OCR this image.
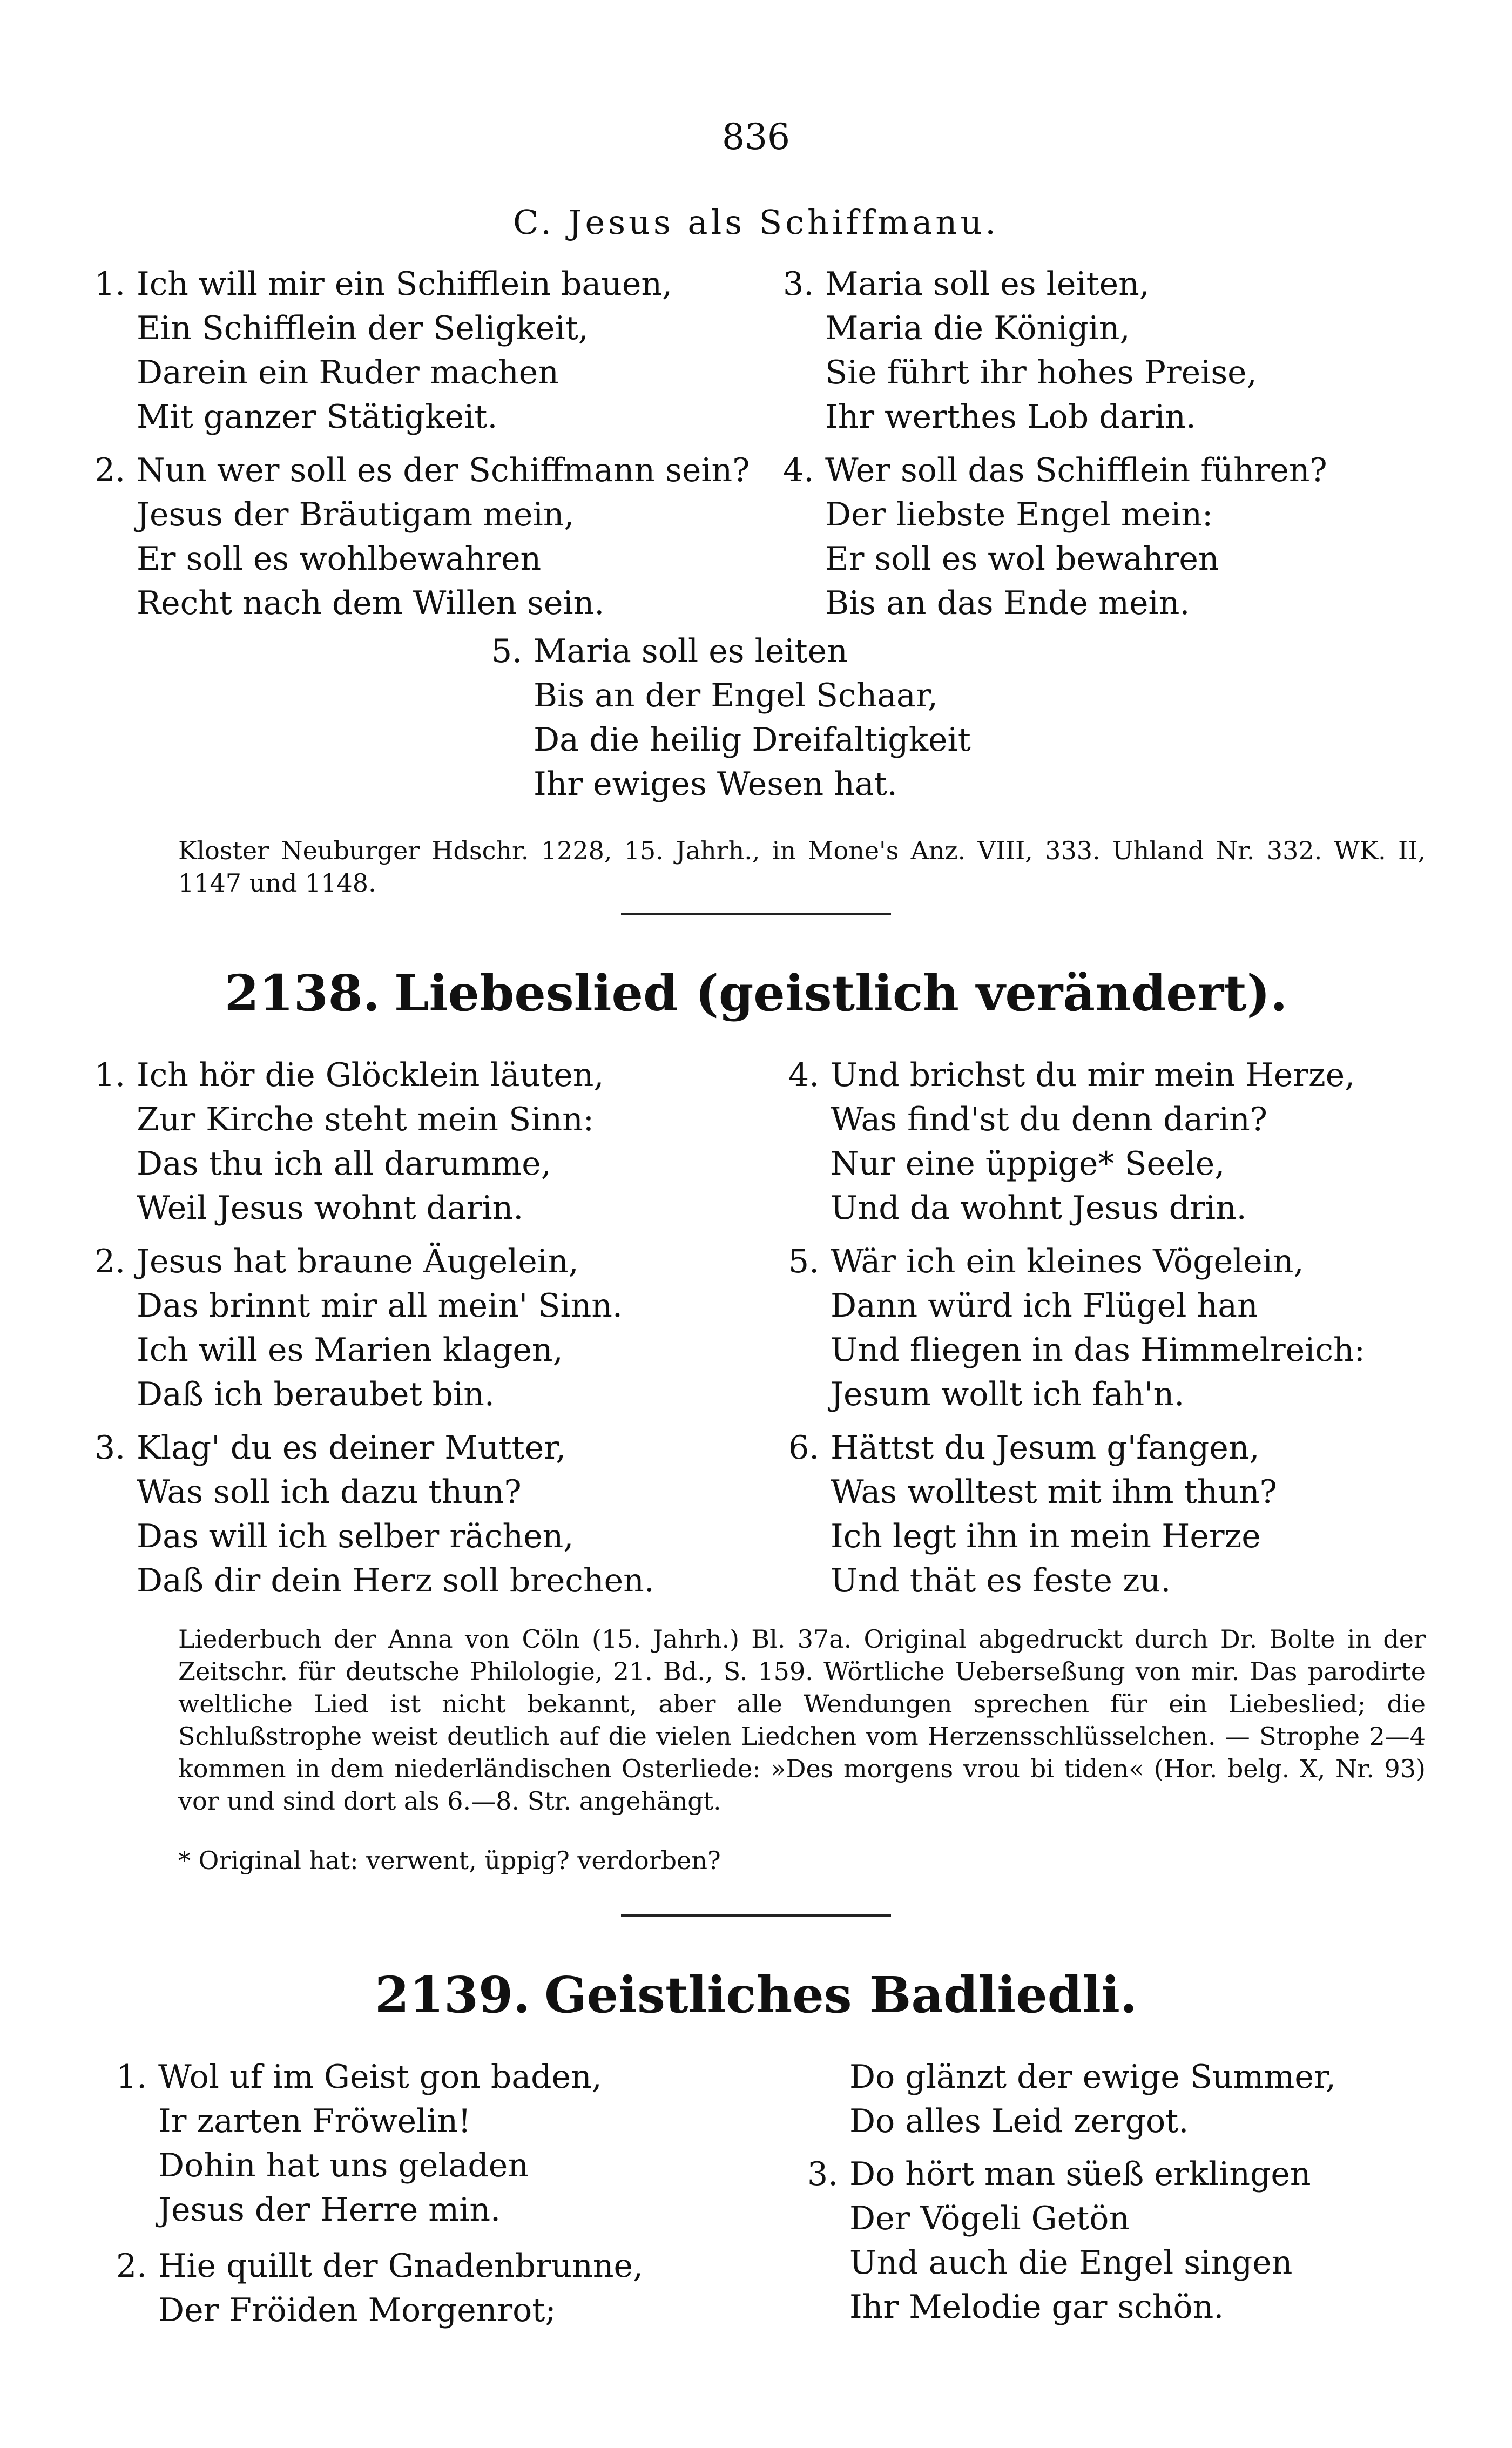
836
C. Jesus als Schiffmanu.
1. Ich will mir ein Schifflein bauen,
Ein Schifflein der Seligkeit,
Darein ein Ruder machen
Mit ganzer Stätigkeit.
2. Nun wer soll es der Schiffmann sein?
Jesus der Bräutigam mein,
Er soll es wohlbewahren
Recht nach dem Willen sein.
3. Maria soll es leiten,
Maria die Königin,
Sie führt ihr hohes Preise,
Ihr werthes Lob darin.
4. Wer soll das Schifflein führen?
Der liebste Engel mein:
Er soll es wol bewahren
Bis an das Ende mein.
5. Maria soll es leiten
Bis an der Engel Schaar,
Da die heilig Dreifaltigkeit
Ihr ewiges Wesen hat.

Kloster Neuburger Hdschr. 1228, 15. Jahrh., in Mone's Anz. VIII, 333. Uhland Nr. 332. WK. II, 1147 und 1148.

2138. Liebeslied (geistlich verändert).
1. Ich hör die Glöcklein läuten,
Zur Kirche steht mein Sinn:
Das thu ich all darumme,
Weil Jesus wohnt darin.
2. Jesus hat braune Äugelein,
Das brinnt mir all mein' Sinn.
Ich will es Marien klagen,
Daß ich beraubet bin.
3. Klag' du es deiner Mutter,
Was soll ich dazu thun?
Das will ich selber rächen,
Daß dir dein Herz soll brechen.
4. Und brichst du mir mein Herze,
Was find'st du denn darin?
Nur eine üppige* Seele,
Und da wohnt Jesus drin.
5. Wär ich ein kleines Vögelein,
Dann würd ich Flügel han
Und fliegen in das Himmelreich:
Jesum wollt ich fah'n.
6. Hättst du Jesum g'fangen,
Was wolltest mit ihm thun?
Ich legt ihn in mein Herze
Und thät es feste zu.

Liederbuch der Anna von Cöln (15. Jahrh.) Bl. 37a. Original abgedruckt durch Dr. Bolte in der Zeitschr. für deutsche Philologie, 21. Bd., S. 159. Wörtliche Ueberseßung von mir. Das parodirte weltliche Lied ist nicht bekannt, aber alle Wendungen sprechen für ein Liebeslied; die Schlußstrophe weist deutlich auf die vielen Liedchen vom Herzensschlüsselchen. — Strophe 2—4 kommen in dem niederländischen Osterliede: »Des morgens vrou bi tiden« (Hor. belg. X, Nr. 93) vor und sind dort als 6.—8. Str. angehängt.

* Original hat: verwent, üppig? verdorben?
2139. Geistliches Badliedli.
1. Wol uf im Geist gon baden,
Ir zarten Fröwelin!
Dohin hat uns geladen
Jesus der Herre min.
2. Hie quillt der Gnadenbrunne,
Der Fröiden Morgenrot;
Do glänzt der ewige Summer,
Do alles Leid zergot.
3. Do hört man süeß erklingen
Der Vögeli Getön
Und auch die Engel singen
Ihr Melodie gar schön.
